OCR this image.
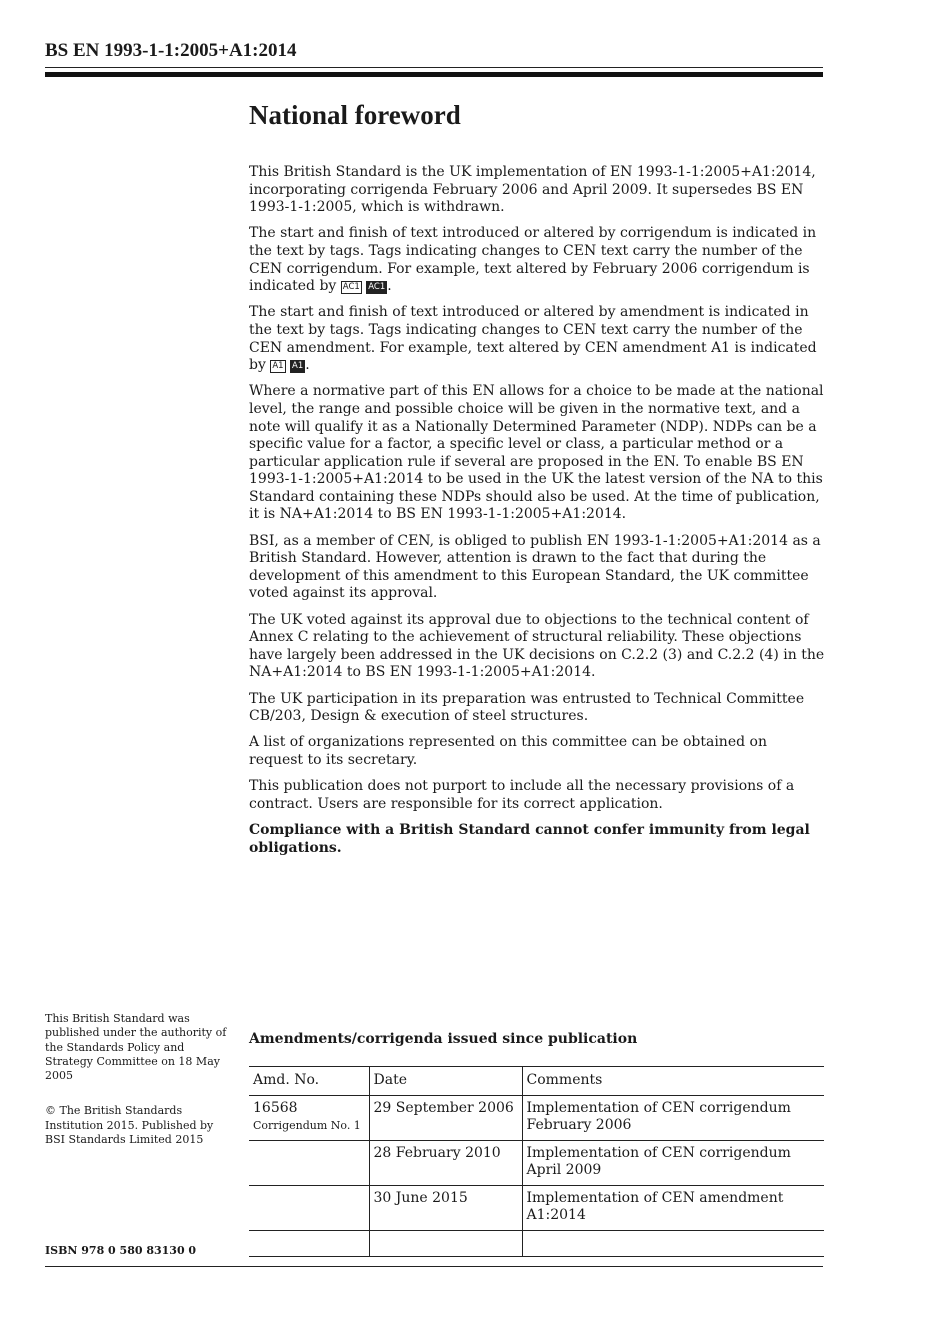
BS EN 1993-1-1:2005+A1:2014
National foreword

This British Standard is the UK implementation of EN 1993-1-1:2005+A1:2014, incorporating corrigenda February 2006 and April 2009. It supersedes BS EN 1993-1-1:2005, which is withdrawn.

The start and finish of text introduced or altered by corrigendum is indicated in the text by tags. Tags indicating changes to CEN text carry the number of the CEN corrigendum. For example, text altered by February 2006 corrigendum is indicated by AC1 AC1 .

The start and finish of text introduced or altered by amendment is indicated in the text by tags. Tags indicating changes to CEN text carry the number of the CEN amendment. For example, text altered by CEN amendment A1 is indicated by A1 A1 .

Where a normative part of this EN allows for a choice to be made at the national level, the range and possible choice will be given in the normative text, and a note will qualify it as a Nationally Determined Parameter (NDP). NDPs can be a specific value for a factor, a specific level or class, a particular method or a particular application rule if several are proposed in the EN. To enable BS EN 1993-1-1:2005+A1:2014 to be used in the UK the latest version of the NA to this Standard containing these NDPs should also be used. At the time of publication, it is NA+A1:2014 to BS EN 1993-1-1:2005+A1:2014.

BSI, as a member of CEN, is obliged to publish EN 1993-1-1:2005+A1:2014 as a British Standard. However, attention is drawn to the fact that during the development of this amendment to this European Standard, the UK committee voted against its approval.

The UK voted against its approval due to objections to the technical content of Annex C relating to the achievement of structural reliability. These objections have largely been addressed in the UK decisions on C.2.2 (3) and C.2.2 (4) in the NA+A1:2014 to BS EN 1993-1-1:2005+A1:2014.

The UK participation in its preparation was entrusted to Technical Committee CB/203, Design & execution of steel structures.

A list of organizations represented on this committee can be obtained on request to its secretary.

This publication does not purport to include all the necessary provisions of a contract. Users are responsible for its correct application.

Compliance with a British Standard cannot confer immunity from legal obligations.

This British Standard was published under the authority of the Standards Policy and Strategy Committee on 18 May 2005

© The British Standards Institution 2015. Published by BSI Standards Limited 2015

ISBN 978 0 580 83130 0
Amendments/corrigenda issued since publication
Amd. No.	Date	Comments

16568
Corrigendum No. 1	29 September 2006	Implementation of CEN corrigendum February 2006
	28 February 2010	Implementation of CEN corrigendum April 2009
	30 June 2015	Implementation of CEN amendment A1:2014
